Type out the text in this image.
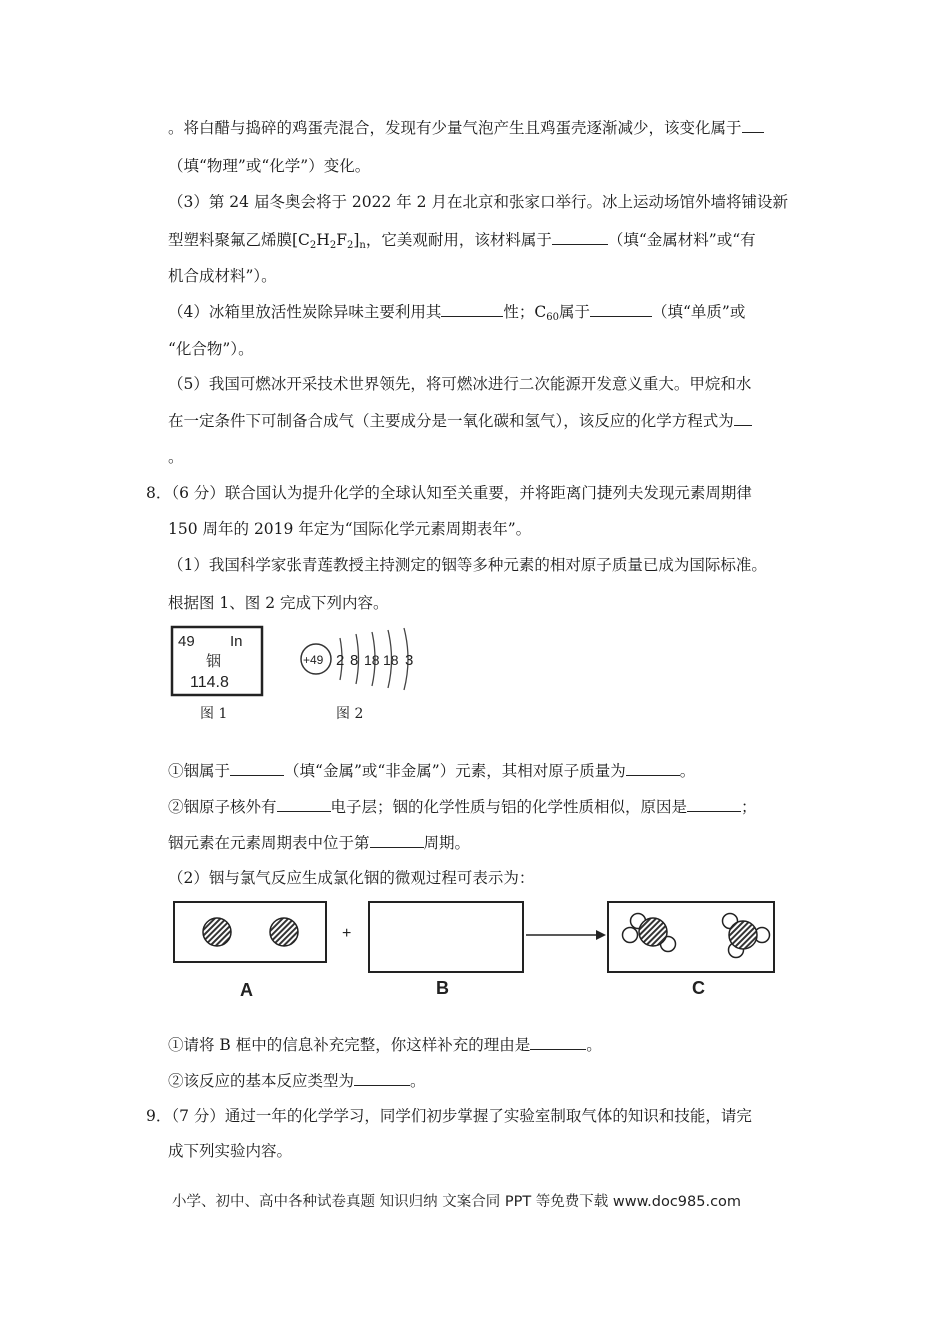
。将白醋与捣碎的鸡蛋壳混合，发现有少量气泡产生且鸡蛋壳逐渐减少，该变化属于
（填“物理”或“化学”）变化。
（3）第 24 届冬奥会将于 2022 年 2 月在北京和张家口举行。冰上运动场馆外墙将铺设新
型塑料聚氟乙烯膜$[C_2H_2F_2]_n$，它美观耐用，该材料属于	（填“金属材料”或“有
机合成材料”）。
（4）冰箱里放活性炭除异味主要利用其	性；$C_{60}$属于	（填“单质”或
“化合物”）。
（5）我国可燃冰开采技术世界领先，将可燃冰进行二次能源开发意义重大。甲烷和水
在一定条件下可制备合成气（主要成分是一氧化碳和氢气），该反应的化学方程式为
。
8．（6 分）联合国认为提升化学的全球认知至关重要，并将距离门捷列夫发现元素周期律
150 周年的 2019 年定为“国际化学元素周期表年”。
（1）我国科学家张青莲教授主持测定的铟等多种元素的相对原子质量已成为国际标准。
根据图 1、图 2 完成下列内容。
49 In
铟
114.8
图 1
+49 2 8 18 18 3
图 2
①铟属于	（填“金属”或“非金属”）元素，其相对原子质量为	。
②铟原子核外有	电子层；铟的化学性质与铝的化学性质相似，原因是	；
铟元素在元素周期表中位于第	周期。
（2）铟与氯气反应生成氯化铟的微观过程可表示为：
+
A	B	C
①请将 B 框中的信息补充完整，你这样补充的理由是	。
②该反应的基本反应类型为	。
9．（7 分）通过一年的化学学习，同学们初步掌握了实验室制取气体的知识和技能，请完
成下列实验内容。
小学、初中、高中各种试卷真题 知识归纳 文案合同 PPT 等免费下载 www.doc985.com
